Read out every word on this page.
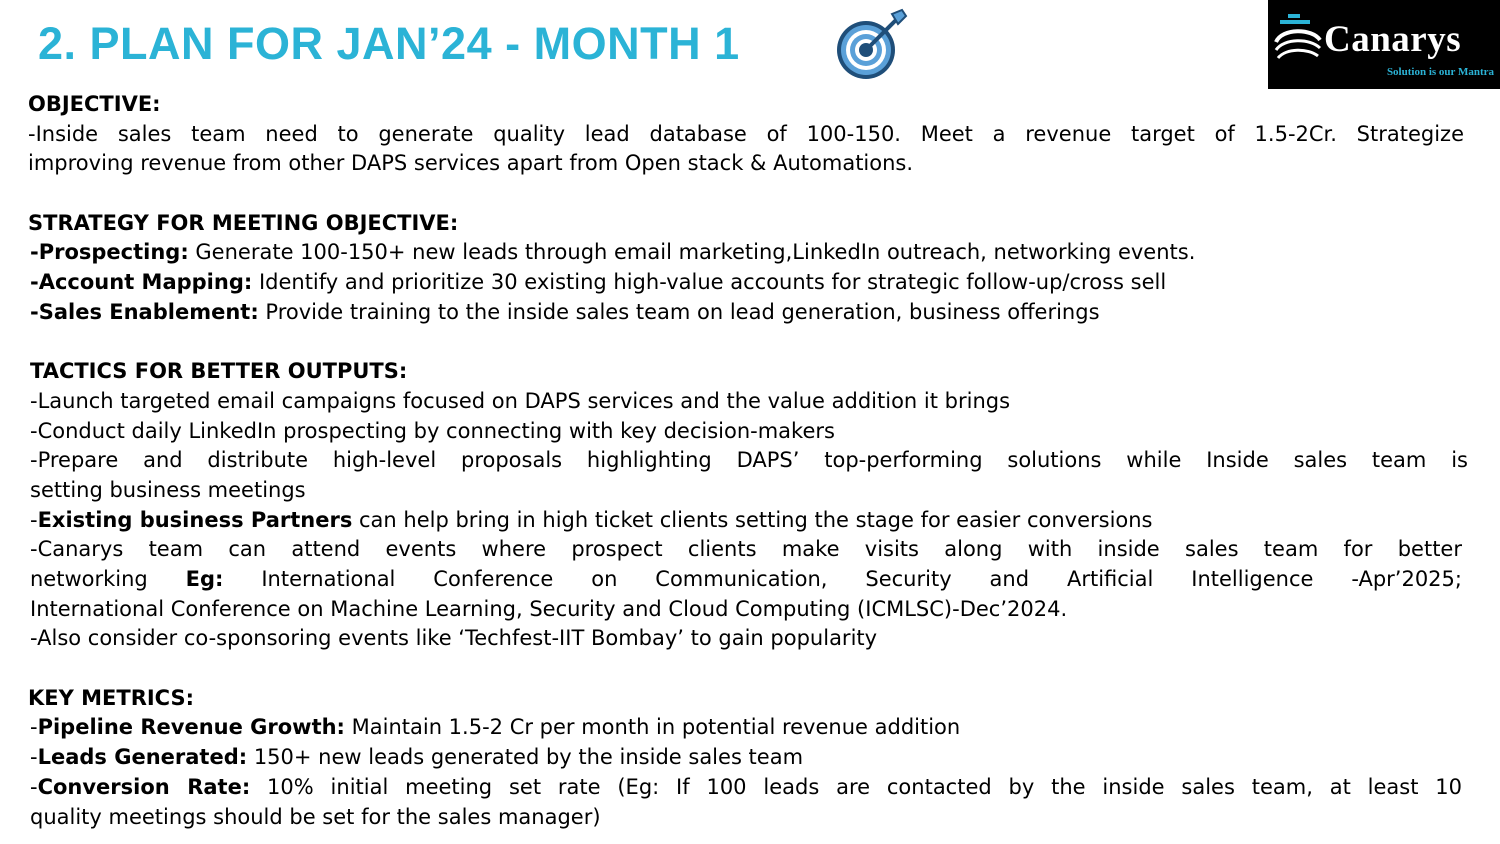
2. PLAN FOR JAN’24 - MONTH 1	Canarys
Solution is our Mantra
OBJECTIVE:
-Inside sales team need to generate quality lead database of 100-150. Meet a revenue target of 1.5-2Cr. Strategize
improving revenue from other DAPS services apart from Open stack & Automations.
STRATEGY FOR MEETING OBJECTIVE:
-Prospecting: Generate 100-150+ new leads through email marketing,LinkedIn outreach, networking events.
-Account Mapping: Identify and prioritize 30 existing high-value accounts for strategic follow-up/cross sell
-Sales Enablement: Provide training to the inside sales team on lead generation, business offerings
TACTICS FOR BETTER OUTPUTS:
-Launch targeted email campaigns focused on DAPS services and the value addition it brings
-Conduct daily LinkedIn prospecting by connecting with key decision-makers
-Prepare and distribute high-level proposals highlighting DAPS’ top-performing solutions while Inside sales team is
setting business meetings
-Existing business Partners can help bring in high ticket clients setting the stage for easier conversions
-Canarys team can attend events where prospect clients make visits along with inside sales team for better
networking Eg: International Conference on Communication, Security and Artificial Intelligence -Apr’2025;
International Conference on Machine Learning, Security and Cloud Computing (ICMLSC)-Dec’2024.
-Also consider co-sponsoring events like ‘Techfest-IIT Bombay’ to gain popularity
KEY METRICS:
-Pipeline Revenue Growth: Maintain 1.5-2 Cr per month in potential revenue addition
-Leads Generated: 150+ new leads generated by the inside sales team
-Conversion Rate: 10% initial meeting set rate (Eg: If 100 leads are contacted by the inside sales team, at least 10
quality meetings should be set for the sales manager)
